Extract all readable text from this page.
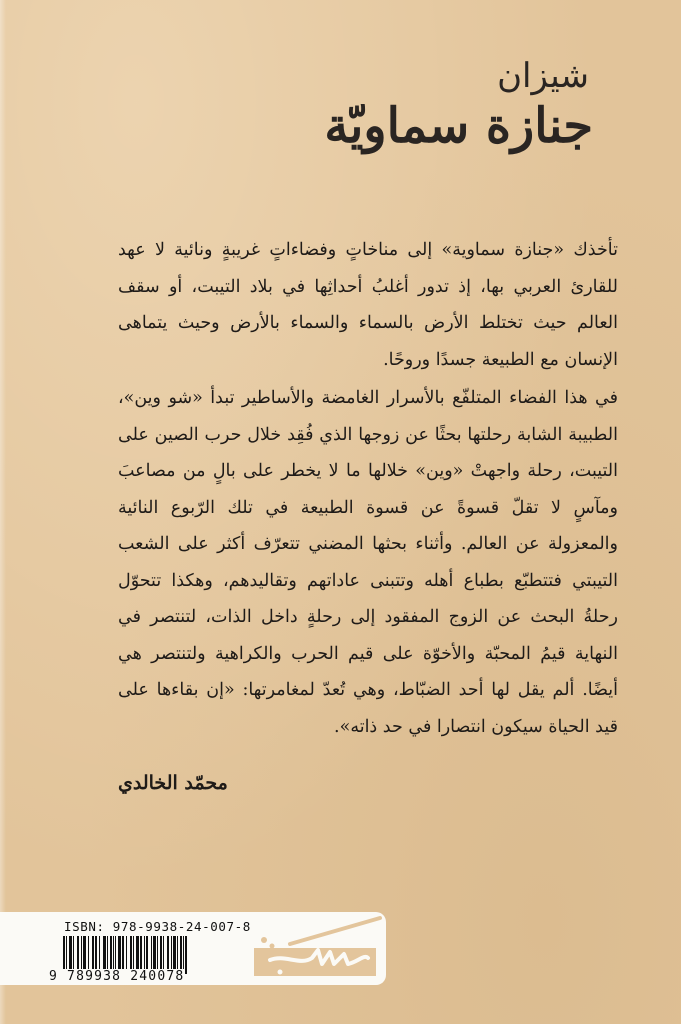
شيزان
جنازة سماويّة

تأخذك «جنازة سماوية» إلى مناخاتٍ وفضاءاتٍ غريبةٍ ونائية لا عهد للقارئ العربي بها، إذ تدور أغلبُ أحداثِها في بلاد التيبت، أو سقف العالم حيث تختلط الأرض بالسماء والسماء بالأرض وحيث يتماهى الإنسان مع الطبيعة جسدًا وروحًا.

في هذا الفضاء المتلفّع بالأسرار الغامضة والأساطير تبدأ «شو وين»، الطبيبة الشابة رحلتها بحثًا عن زوجها الذي فُقِد خلال حرب الصين على التيبت، رحلة واجهتْ «وين» خلالها ما لا يخطر على بالٍ من مصاعبَ ومآسٍ لا تقلّ قسوةً عن قسوة الطبيعة في تلك الرّبوع النائية والمعزولة عن العالم. وأثناء بحثها المضني تتعرّف أكثر على الشعب التيبتي فتتطبّع بطباع أهله وتتبنى عاداتهم وتقاليدهم، وهكذا تتحوّل رحلةُ البحث عن الزوج المفقود إلى رحلةٍ داخل الذات، لتنتصر في النهاية قيمُ المحبّة والأخوّة على قيم الحرب والكراهية ولتنتصر هي أيضًا. ألم يقل لها أحد الضبّاط، وهي تُعدّ لمغامرتها: «إن بقاءها على قيد الحياة سيكون انتصارا في حد ذاته».

محمّد الخالدي
ISBN: 978-9938-24-007-8
9 789938 240078
